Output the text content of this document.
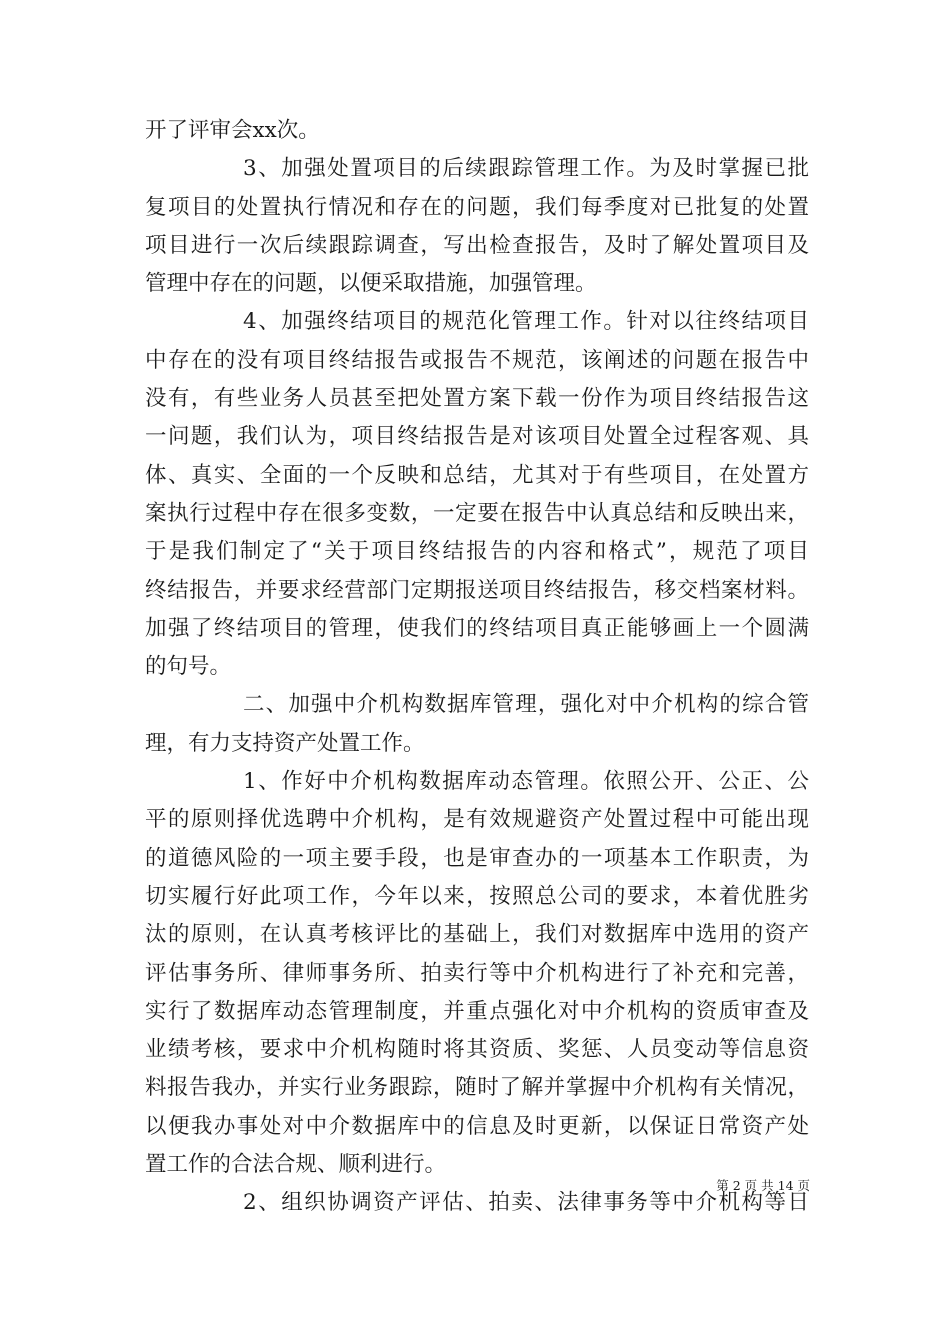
开了评审会xx次。
3、加强处置项目的后续跟踪管理工作。为及时掌握已批
复项目的处置执行情况和存在的问题，我们每季度对已批复的处置
项目进行一次后续跟踪调查，写出检查报告，及时了解处置项目及
管理中存在的问题，以便采取措施，加强管理。
4、加强终结项目的规范化管理工作。针对以往终结项目
中存在的没有项目终结报告或报告不规范，该阐述的问题在报告中
没有，有些业务人员甚至把处置方案下载一份作为项目终结报告这
一问题，我们认为，项目终结报告是对该项目处置全过程客观、具
体、真实、全面的一个反映和总结，尤其对于有些项目，在处置方
案执行过程中存在很多变数，一定要在报告中认真总结和反映出来，
于是我们制定了“关于项目终结报告的内容和格式”，规范了项目
终结报告，并要求经营部门定期报送项目终结报告，移交档案材料。
加强了终结项目的管理，使我们的终结项目真正能够画上一个圆满
的句号。
二、加强中介机构数据库管理，强化对中介机构的综合管
理，有力支持资产处置工作。
1、作好中介机构数据库动态管理。依照公开、公正、公
平的原则择优选聘中介机构，是有效规避资产处置过程中可能出现
的道德风险的一项主要手段，也是审查办的一项基本工作职责，为
切实履行好此项工作，今年以来，按照总公司的要求，本着优胜劣
汰的原则，在认真考核评比的基础上，我们对数据库中选用的资产
评估事务所、律师事务所、拍卖行等中介机构进行了补充和完善，
实行了数据库动态管理制度，并重点强化对中介机构的资质审查及
业绩考核，要求中介机构随时将其资质、奖惩、人员变动等信息资
料报告我办，并实行业务跟踪，随时了解并掌握中介机构有关情况，
以便我办事处对中介数据库中的信息及时更新，以保证日常资产处
置工作的合法合规、顺利进行。
2、组织协调资产评估、拍卖、法律事务等中介机构等日
第 2 页 共 14 页
